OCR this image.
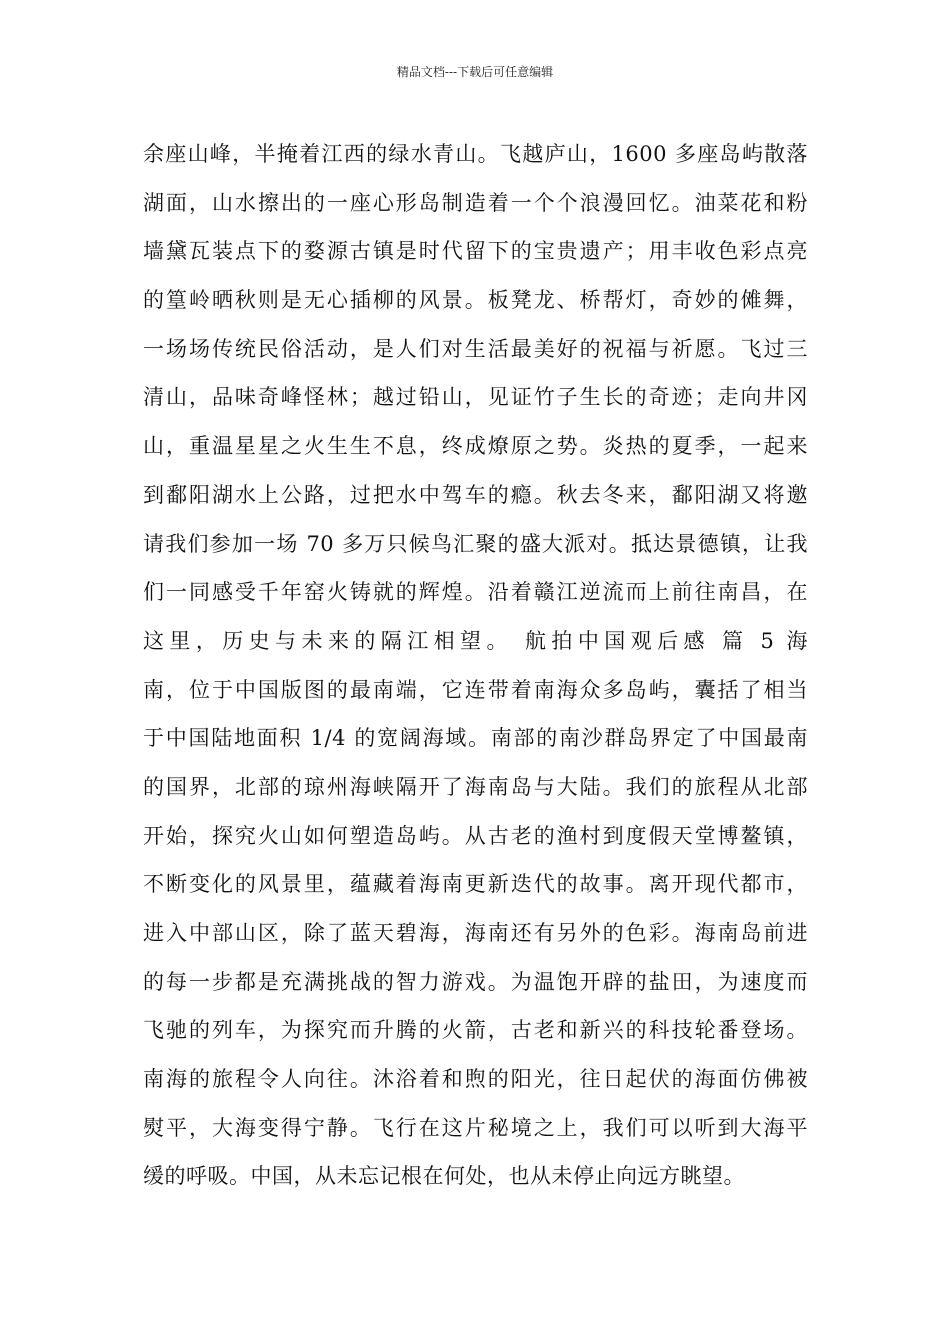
精品文档---下载后可任意编辑
余座山峰，半掩着江西的绿水青山。飞越庐山，1600 多座岛屿散落
湖面，山水擦出的一座心形岛制造着一个个浪漫回忆。油菜花和粉
墙黛瓦装点下的婺源古镇是时代留下的宝贵遗产；用丰收色彩点亮
的篁岭晒秋则是无心插柳的风景。板凳龙、桥帮灯，奇妙的傩舞，
一场场传统民俗活动，是人们对生活最美好的祝福与祈愿。飞过三
清山，品味奇峰怪林；越过铅山，见证竹子生长的奇迹；走向井冈
山，重温星星之火生生不息，终成燎原之势。炎热的夏季，一起来
到鄱阳湖水上公路，过把水中驾车的瘾。秋去冬来，鄱阳湖又将邀
请我们参加一场 70 多万只候鸟汇聚的盛大派对。抵达景德镇，让我
们一同感受千年窑火铸就的辉煌。沿着赣江逆流而上前往南昌，在
这里，历史与未来的隔江相望。 航拍中国观后感 篇 5 海
南，位于中国版图的最南端，它连带着南海众多岛屿，囊括了相当
于中国陆地面积 1/4 的宽阔海域。南部的南沙群岛界定了中国最南
的国界，北部的琼州海峡隔开了海南岛与大陆。我们的旅程从北部
开始，探究火山如何塑造岛屿。从古老的渔村到度假天堂博鳌镇，
不断变化的风景里，蕴藏着海南更新迭代的故事。离开现代都市，
进入中部山区，除了蓝天碧海，海南还有另外的色彩。海南岛前进
的每一步都是充满挑战的智力游戏。为温饱开辟的盐田，为速度而
飞驰的列车，为探究而升腾的火箭，古老和新兴的科技轮番登场。
南海的旅程令人向往。沐浴着和煦的阳光，往日起伏的海面仿佛被
熨平，大海变得宁静。飞行在这片秘境之上，我们可以听到大海平
缓的呼吸。中国，从未忘记根在何处，也从未停止向远方眺望。
